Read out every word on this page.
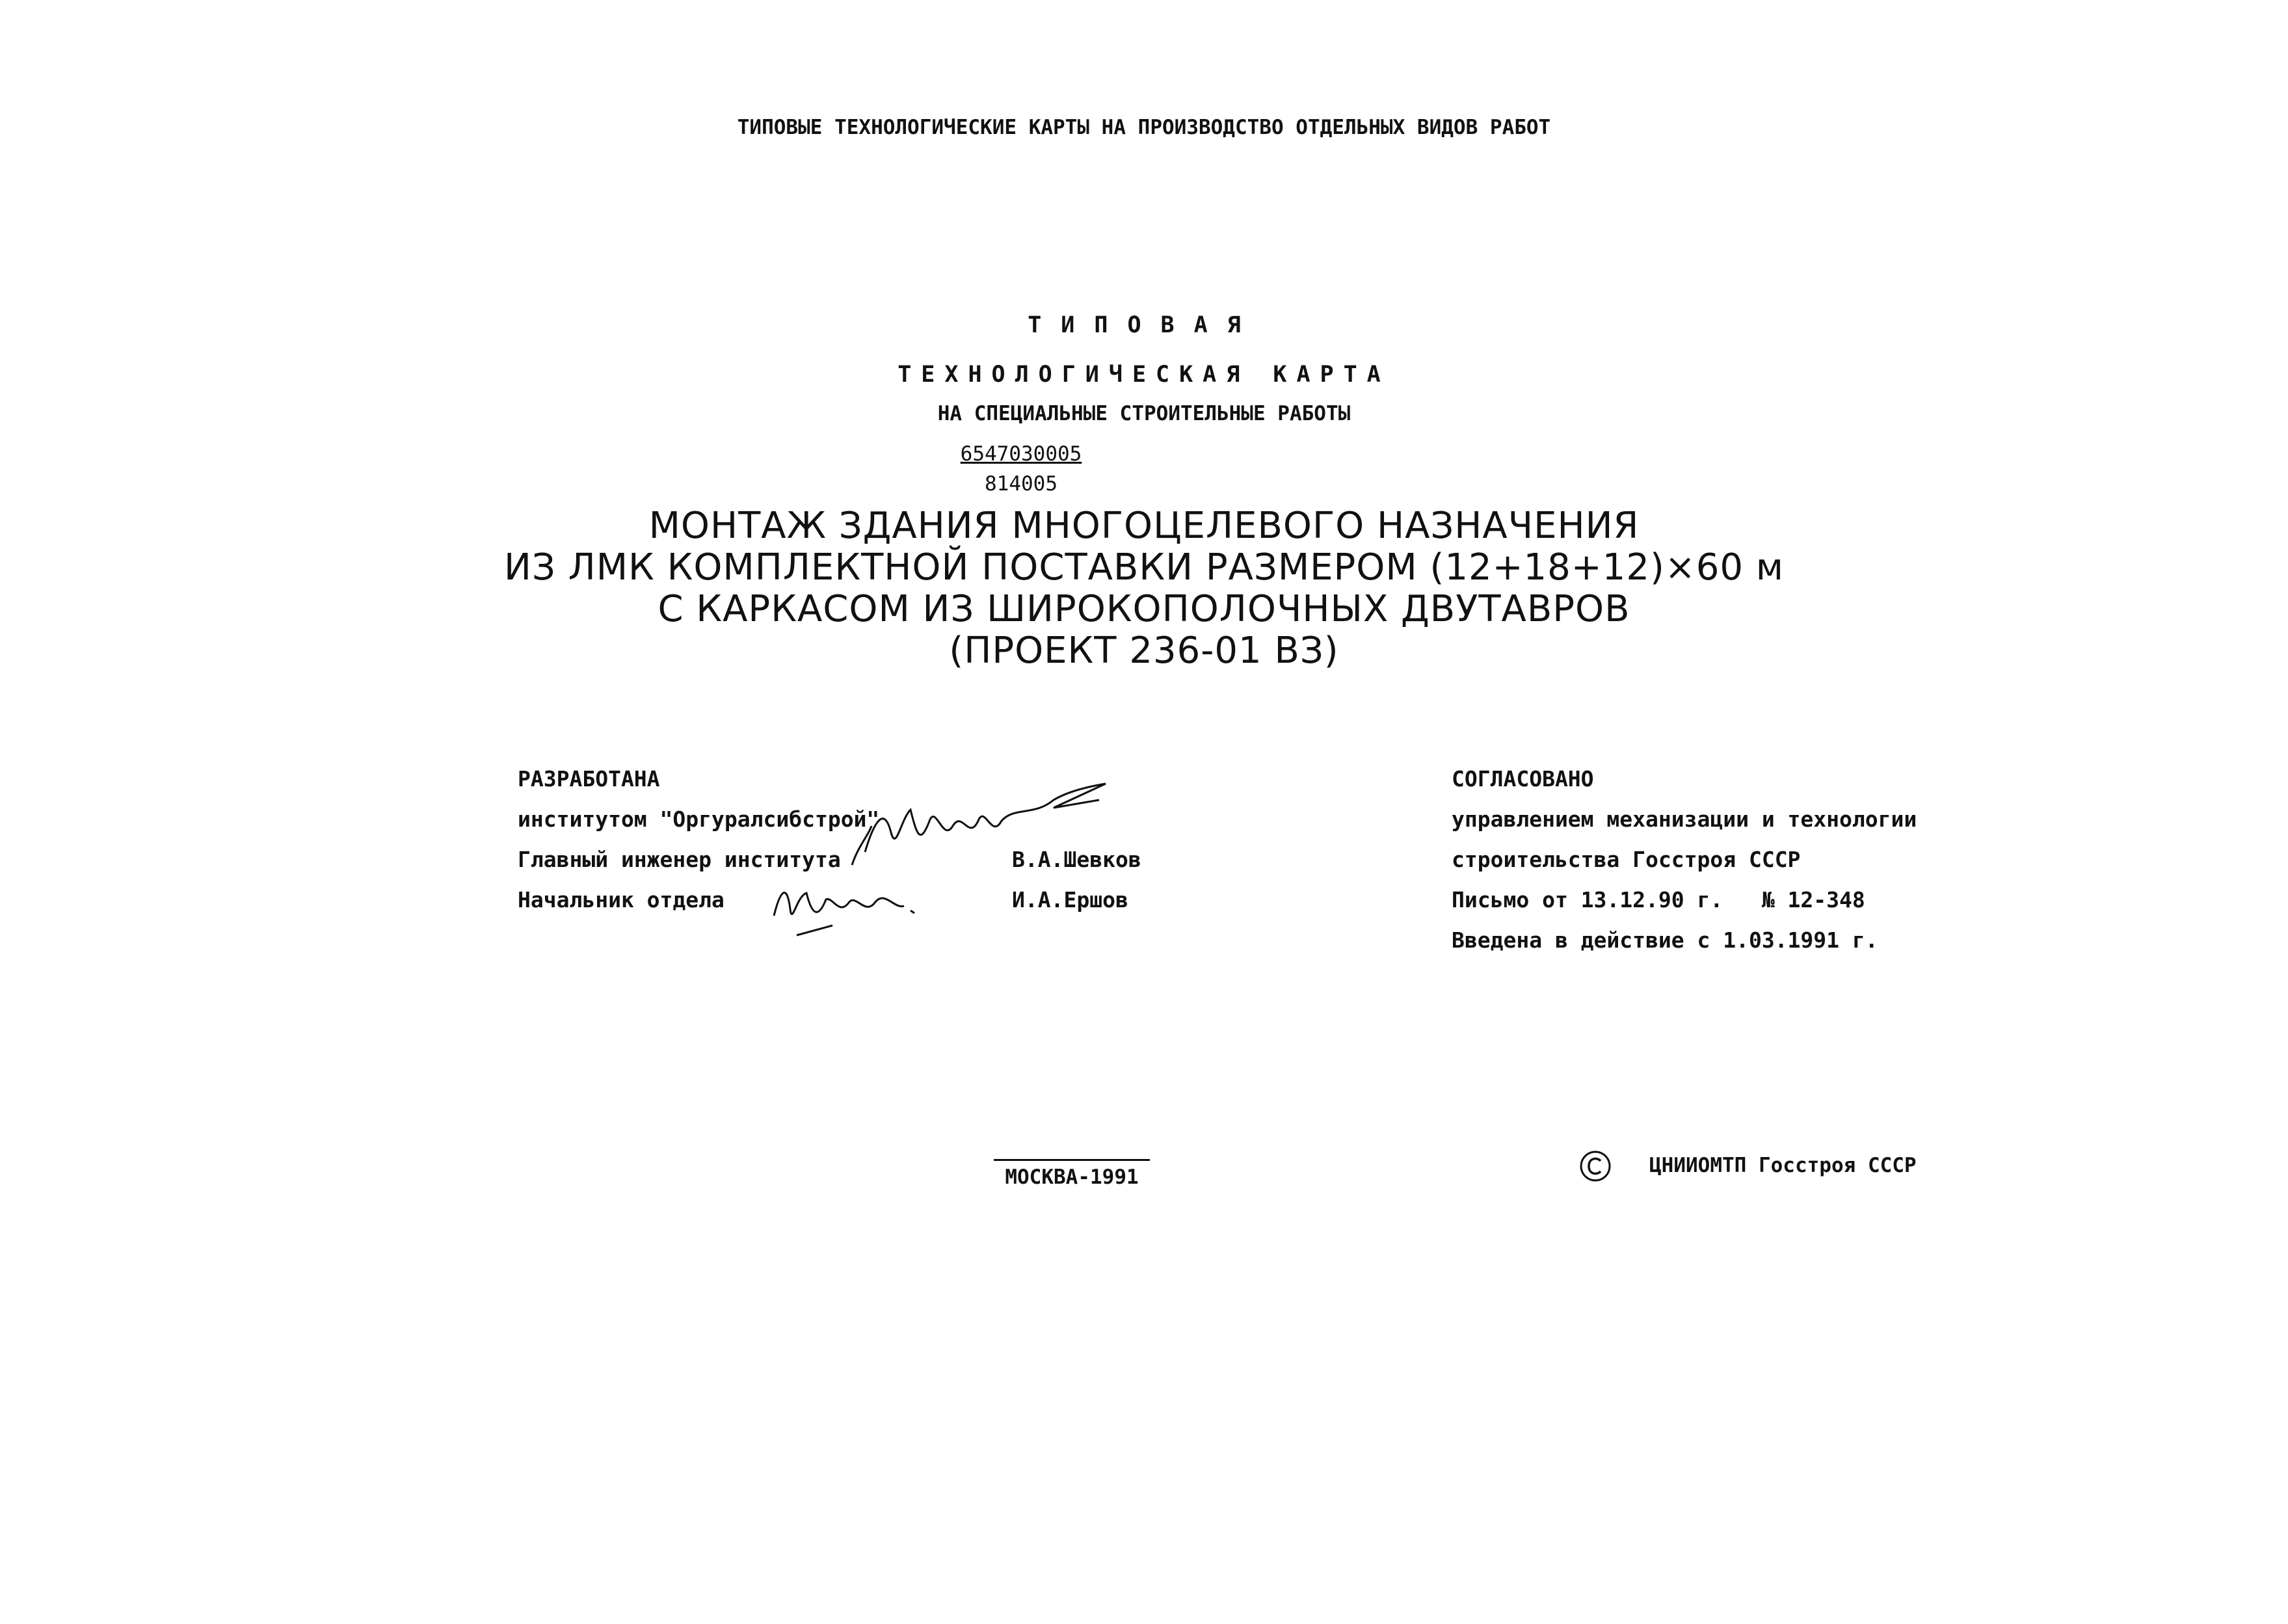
ТИПОВЫЕ ТЕХНОЛОГИЧЕСКИЕ КАРТЫ НА ПРОИЗВОДСТВО ОТДЕЛЬНЫХ ВИДОВ РАБОТ
ТИПОВАЯ
ТЕХНОЛОГИЧЕСКАЯ КАРТА
НА СПЕЦИАЛЬНЫЕ СТРОИТЕЛЬНЫЕ РАБОТЫ
6547030005
814005
МОНТАЖ ЗДАНИЯ МНОГОЦЕЛЕВОГО НАЗНАЧЕНИЯ
ИЗ ЛМК КОМПЛЕКТНОЙ ПОСТАВКИ РАЗМЕРОМ (12+18+12)×60 м
С КАРКАСОМ ИЗ ШИРОКОПОЛОЧНЫХ ДВУТАВРОВ
(ПРОЕКТ 236-01 ВЗ)
РАЗРАБОТАНА
институтом "Оргуралсибстрой"
Главный инженер института
Начальник отдела
В.А.Шевков
И.А.Ершов
СОГЛАСОВАНО
управлением механизации и технологии
строительства Госстроя СССР
Письмо от 13.12.90 г.   № 12-348
Введена в действие с 1.03.1991 г.
МОСКВА-1991	ЦНИИОМТП Госстроя СССР
